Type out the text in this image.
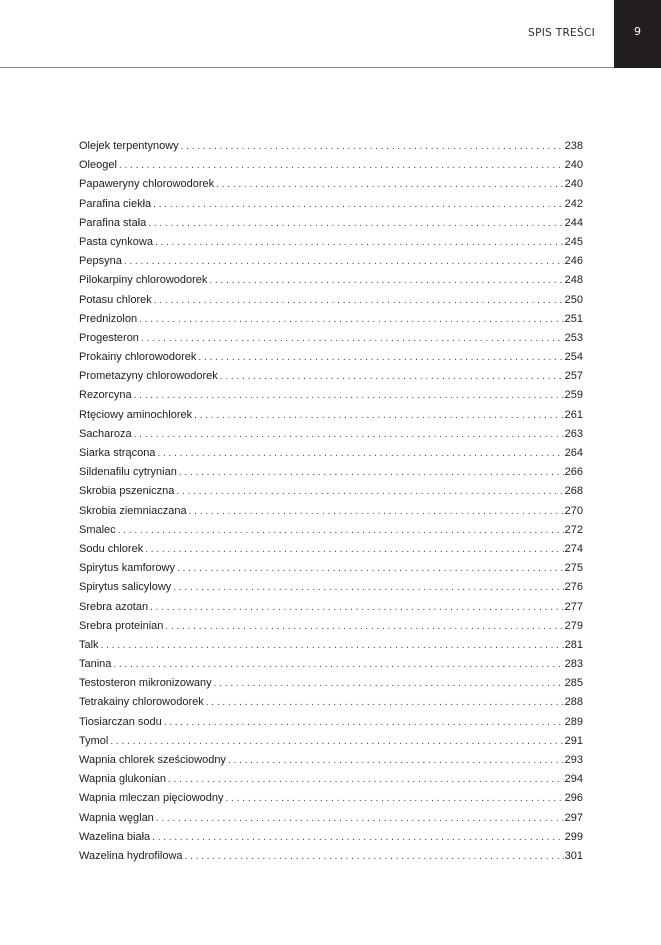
SPIS TREŚCI	9
Olejek terpentynowy . . .	238
Oleogel . . .	240
Papaweryny chlorowodorek . . .	240
Parafina ciekła . . .	242
Parafina stała . . .	244
Pasta cynkowa . . .	245
Pepsyna . . .	246
Pilokarpiny chlorowodorek . . .	248
Potasu chlorek . . .	250
Prednizolon . . .	251
Progesteron . . .	253
Prokainy chlorowodorek . . .	254
Prometazyny chlorowodorek . . .	257
Rezorcyna . . .	259
Rtęciowy aminochlorek . . .	261
Sacharoza . . .	263
Siarka strącona . . .	264
Sildenafilu cytrynian . . .	266
Skrobia pszeniczna . . .	268
Skrobia ziemniaczana . . .	270
Smalec . . .	272
Sodu chlorek . . .	274
Spirytus kamforowy . . .	275
Spirytus salicylowy . . .	276
Srebra azotan . . .	277
Srebra proteinian . . .	279
Talk . . .	281
Tanina . . .	283
Testosteron mikronizowany . . .	285
Tetrakainy chlorowodorek . . .	288
Tiosiarczan sodu . . .	289
Tymol . . .	291
Wapnia chlorek sześciowodny . . .	293
Wapnia glukonian . . .	294
Wapnia mleczan pięciowodny . . .	296
Wapnia węglan . . .	297
Wazelina biała . . .	299
Wazelina hydrofilowa . . .	301
